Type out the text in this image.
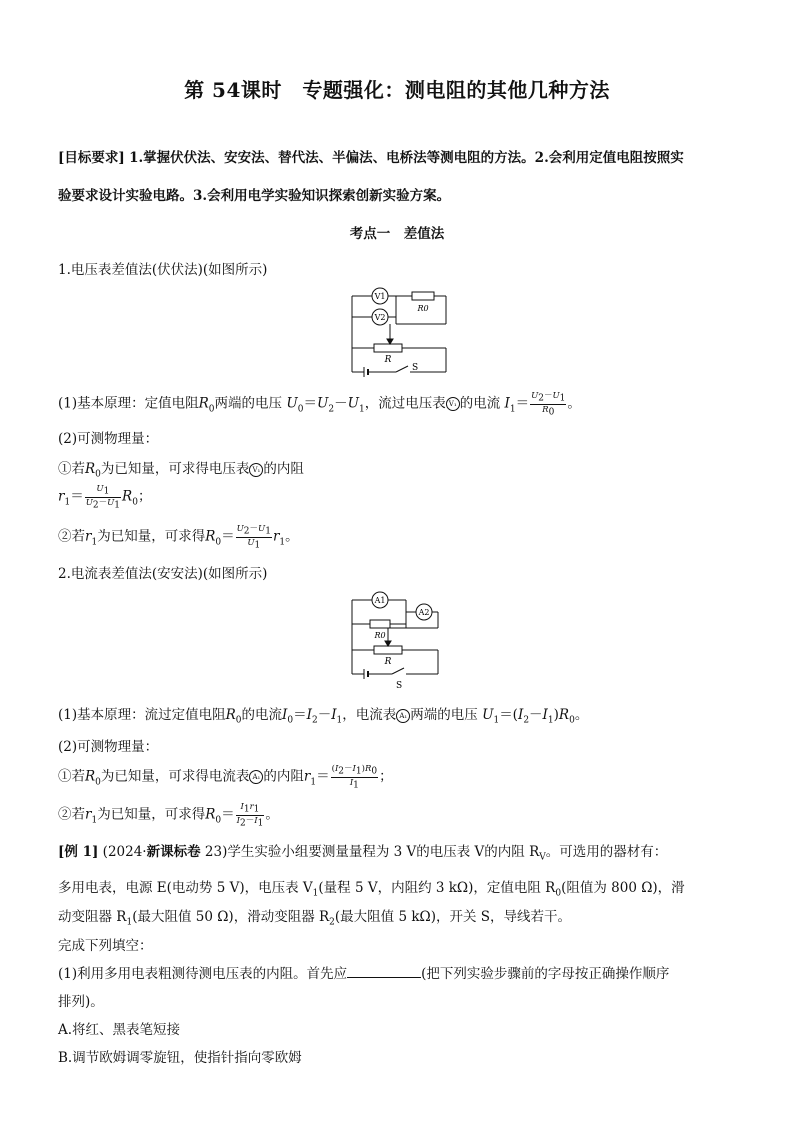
第 54课时　专题强化：测电阻的其他几种方法
[目标要求] 1.掌握伏伏法、安安法、替代法、半偏法、电桥法等测电阻的方法。2.会利用定值电阻按照实
验要求设计实验电路。3.会利用电学实验知识探索创新实验方案。
考点一　差值法
1.电压表差值法(伏伏法)(如图所示)
V1
V2
R0
R
S
(1)基本原理：定值电阻$R_0$两端的电压 $U_0=U_2-U_1$，流过电压表 V₁ 的电流 $I_1= \frac{U_2-U_1}{R_0}$ 。
(2)可测物理量：
①若$R_0$为已知量，可求得电压表 V₁ 的内阻
$r_1= \frac{U_1}{U_2-U_1} R_0$；
②若$r_1$为已知量，可求得$R_0= \frac{U_2-U_1}{U_1} r_1$。
2.电流表差值法(安安法)(如图所示)
A1
A2
R0
R
S
(1)基本原理：流过定值电阻$R_0$的电流$I_0=I_2-I_1$，电流表 A₁ 两端的电压 $U_1=(I_2-I_1)R_0$。
(2)可测物理量：
①若$R_0$为已知量，可求得电流表 A₁ 的内阻$r_1= \frac{(I_2-I_1)R_0}{I_1}$ ；
②若$r_1$为已知量，可求得$R_0= \frac{I_1r_1}{I_2-I_1}$ 。
[例 1] (2024·新课标卷 23)学生实验小组要测量量程为 3 V的电压表 V的内阻 $R_V$。可选用的器材有：
多用电表，电源 E(电动势 5 V)，电压表 $V_1$(量程 5 V，内阻约 3 kΩ)，定值电阻 $R_0$(阻值为 800 Ω)，滑
动变阻器 $R_1$(最大阻值 50 Ω)，滑动变阻器 $R_2$(最大阻值 5 kΩ)，开关 S，导线若干。
完成下列填空：
(1)利用多用电表粗测待测电压表的内阻。首先应	(把下列实验步骤前的字母按正确操作顺序
排列)。
A.将红、黑表笔短接
B.调节欧姆调零旋钮，使指针指向零欧姆
